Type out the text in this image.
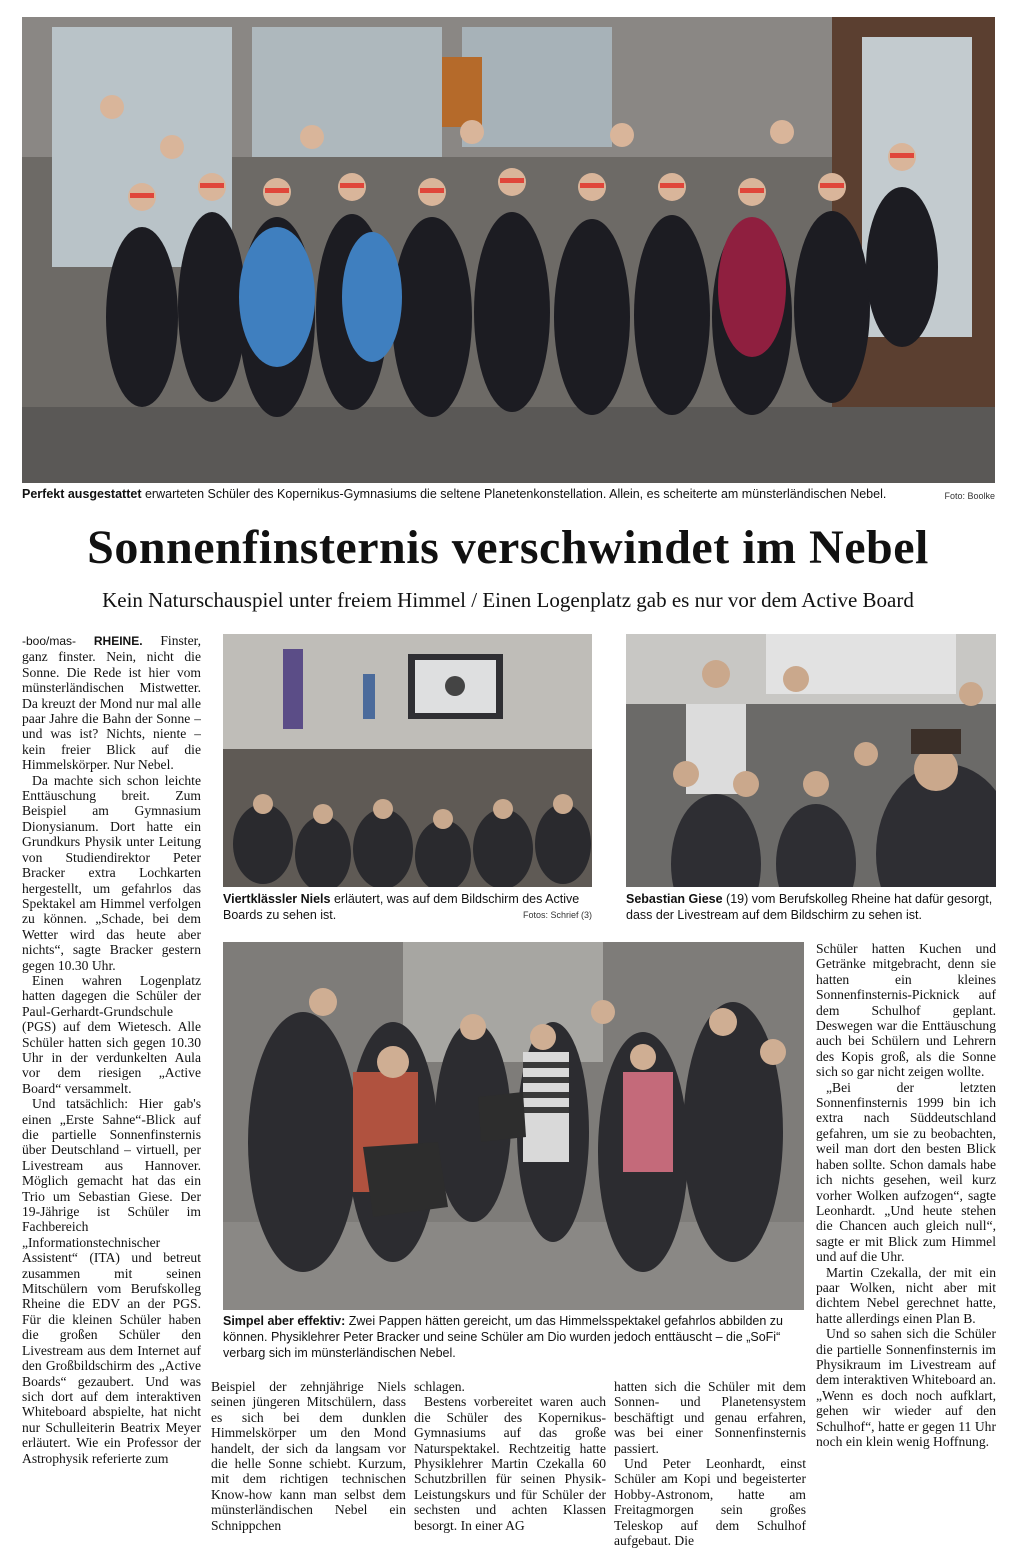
Perfekt ausgestattet erwarteten Schüler des Kopernikus-Gymnasiums die seltene Planetenkonstellation. Allein, es scheiterte am münsterländischen Nebel.	Foto: Boolke
Sonnenfinsternis verschwindet im Nebel
Kein Naturschauspiel unter freiem Himmel / Einen Logenplatz gab es nur vor dem Active Board
Viertklässler Niels erläutert, was auf dem Bildschirm des Active Boards zu sehen ist.	Fotos: Schrief (3)
Sebastian Giese (19) vom Berufskolleg Rheine hat dafür gesorgt, dass der Livestream auf dem Bildschirm zu sehen ist.
Simpel aber effektiv: Zwei Pappen hätten gereicht, um das Himmelsspektakel gefahrlos abbilden zu können. Physiklehrer Peter Bracker und seine Schüler am Dio wurden jedoch enttäuscht – die „SoFi“ verbarg sich im münsterländischen Nebel.

-boo/mas- RHEINE. Finster, ganz finster. Nein, nicht die Sonne. Die Rede ist hier vom münsterländischen Mistwetter. Da kreuzt der Mond nur mal alle paar Jahre die Bahn der Sonne – und was ist? Nichts, niente – kein freier Blick auf die Himmelskörper. Nur Nebel.

Da machte sich schon leichte Enttäuschung breit. Zum Beispiel am Gymnasium Dionysianum. Dort hatte ein Grundkurs Physik unter Leitung von Studiendirektor Peter Bracker extra Lochkarten hergestellt, um gefahrlos das Spektakel am Himmel verfolgen zu können. „Schade, bei dem Wetter wird das heute aber nichts“, sagte Bracker gestern gegen 10.30 Uhr.

Einen wahren Logenplatz hatten dagegen die Schüler der Paul-Gerhardt-Grundschule (PGS) auf dem Wietesch. Alle Schüler hatten sich gegen 10.30 Uhr in der verdunkelten Aula vor dem riesigen „Active Board“ versammelt.

Und tatsächlich: Hier gab's einen „Erste Sahne“-Blick auf die partielle Sonnenfinsternis über Deutschland – virtuell, per Livestream aus Hannover. Möglich gemacht hat das ein Trio um Sebastian Giese. Der 19-Jährige ist Schüler im Fachbereich „Informationstechnischer Assistent“ (ITA) und betreut zusammen mit seinen Mitschülern vom Berufskolleg Rheine die EDV an der PGS. Für die kleinen Schüler haben die großen Schüler den Livestream aus dem Internet auf den Großbildschirm des „Active Boards“ gezaubert. Und was sich dort auf dem interaktiven Whiteboard abspielte, hat nicht nur Schulleiterin Beatrix Meyer erläutert. Wie ein Professor der Astrophysik referierte zum

Beispiel der zehnjährige Niels seinen jüngeren Mitschülern, dass es sich bei dem dunklen Himmelskörper um den Mond handelt, der sich da langsam vor die helle Sonne schiebt. Kurzum, mit dem richtigen technischen Know-how kann man selbst dem münsterländischen Nebel ein Schnippchen

schlagen.

Bestens vorbereitet waren auch die Schüler des Kopernikus-Gymnasiums auf das große Naturspektakel. Rechtzeitig hatte Physiklehrer Martin Czekalla 60 Schutzbrillen für seinen Physik-Leistungskurs und für Schüler der sechsten und achten Klassen besorgt. In einer AG

hatten sich die Schüler mit dem Sonnen- und Planetensystem beschäftigt und genau erfahren, was bei einer Sonnenfinsternis passiert.

Und Peter Leonhardt, einst Schüler am Kopi und begeisterter Hobby-Astronom, hatte am Freitagmorgen sein großes Teleskop auf dem Schulhof aufgebaut. Die

Schüler hatten Kuchen und Getränke mitgebracht, denn sie hatten ein kleines Sonnenfinsternis-Picknick auf dem Schulhof geplant. Deswegen war die Enttäuschung auch bei Schülern und Lehrern des Kopis groß, als die Sonne sich so gar nicht zeigen wollte.

„Bei der letzten Sonnenfinsternis 1999 bin ich extra nach Süddeutschland gefahren, um sie zu beobachten, weil man dort den besten Blick haben sollte. Schon damals habe ich nichts gesehen, weil kurz vorher Wolken aufzogen“, sagte Leonhardt. „Und heute stehen die Chancen auch gleich null“, sagte er mit Blick zum Himmel und auf die Uhr.

Martin Czekalla, der mit ein paar Wolken, nicht aber mit dichtem Nebel gerechnet hatte, hatte allerdings einen Plan B.

Und so sahen sich die Schüler die partielle Sonnenfinsternis im Physikraum im Livestream auf dem interaktiven Whiteboard an. „Wenn es doch noch aufklart, gehen wir wieder auf den Schulhof“, hatte er gegen 11 Uhr noch ein klein wenig Hoffnung.
